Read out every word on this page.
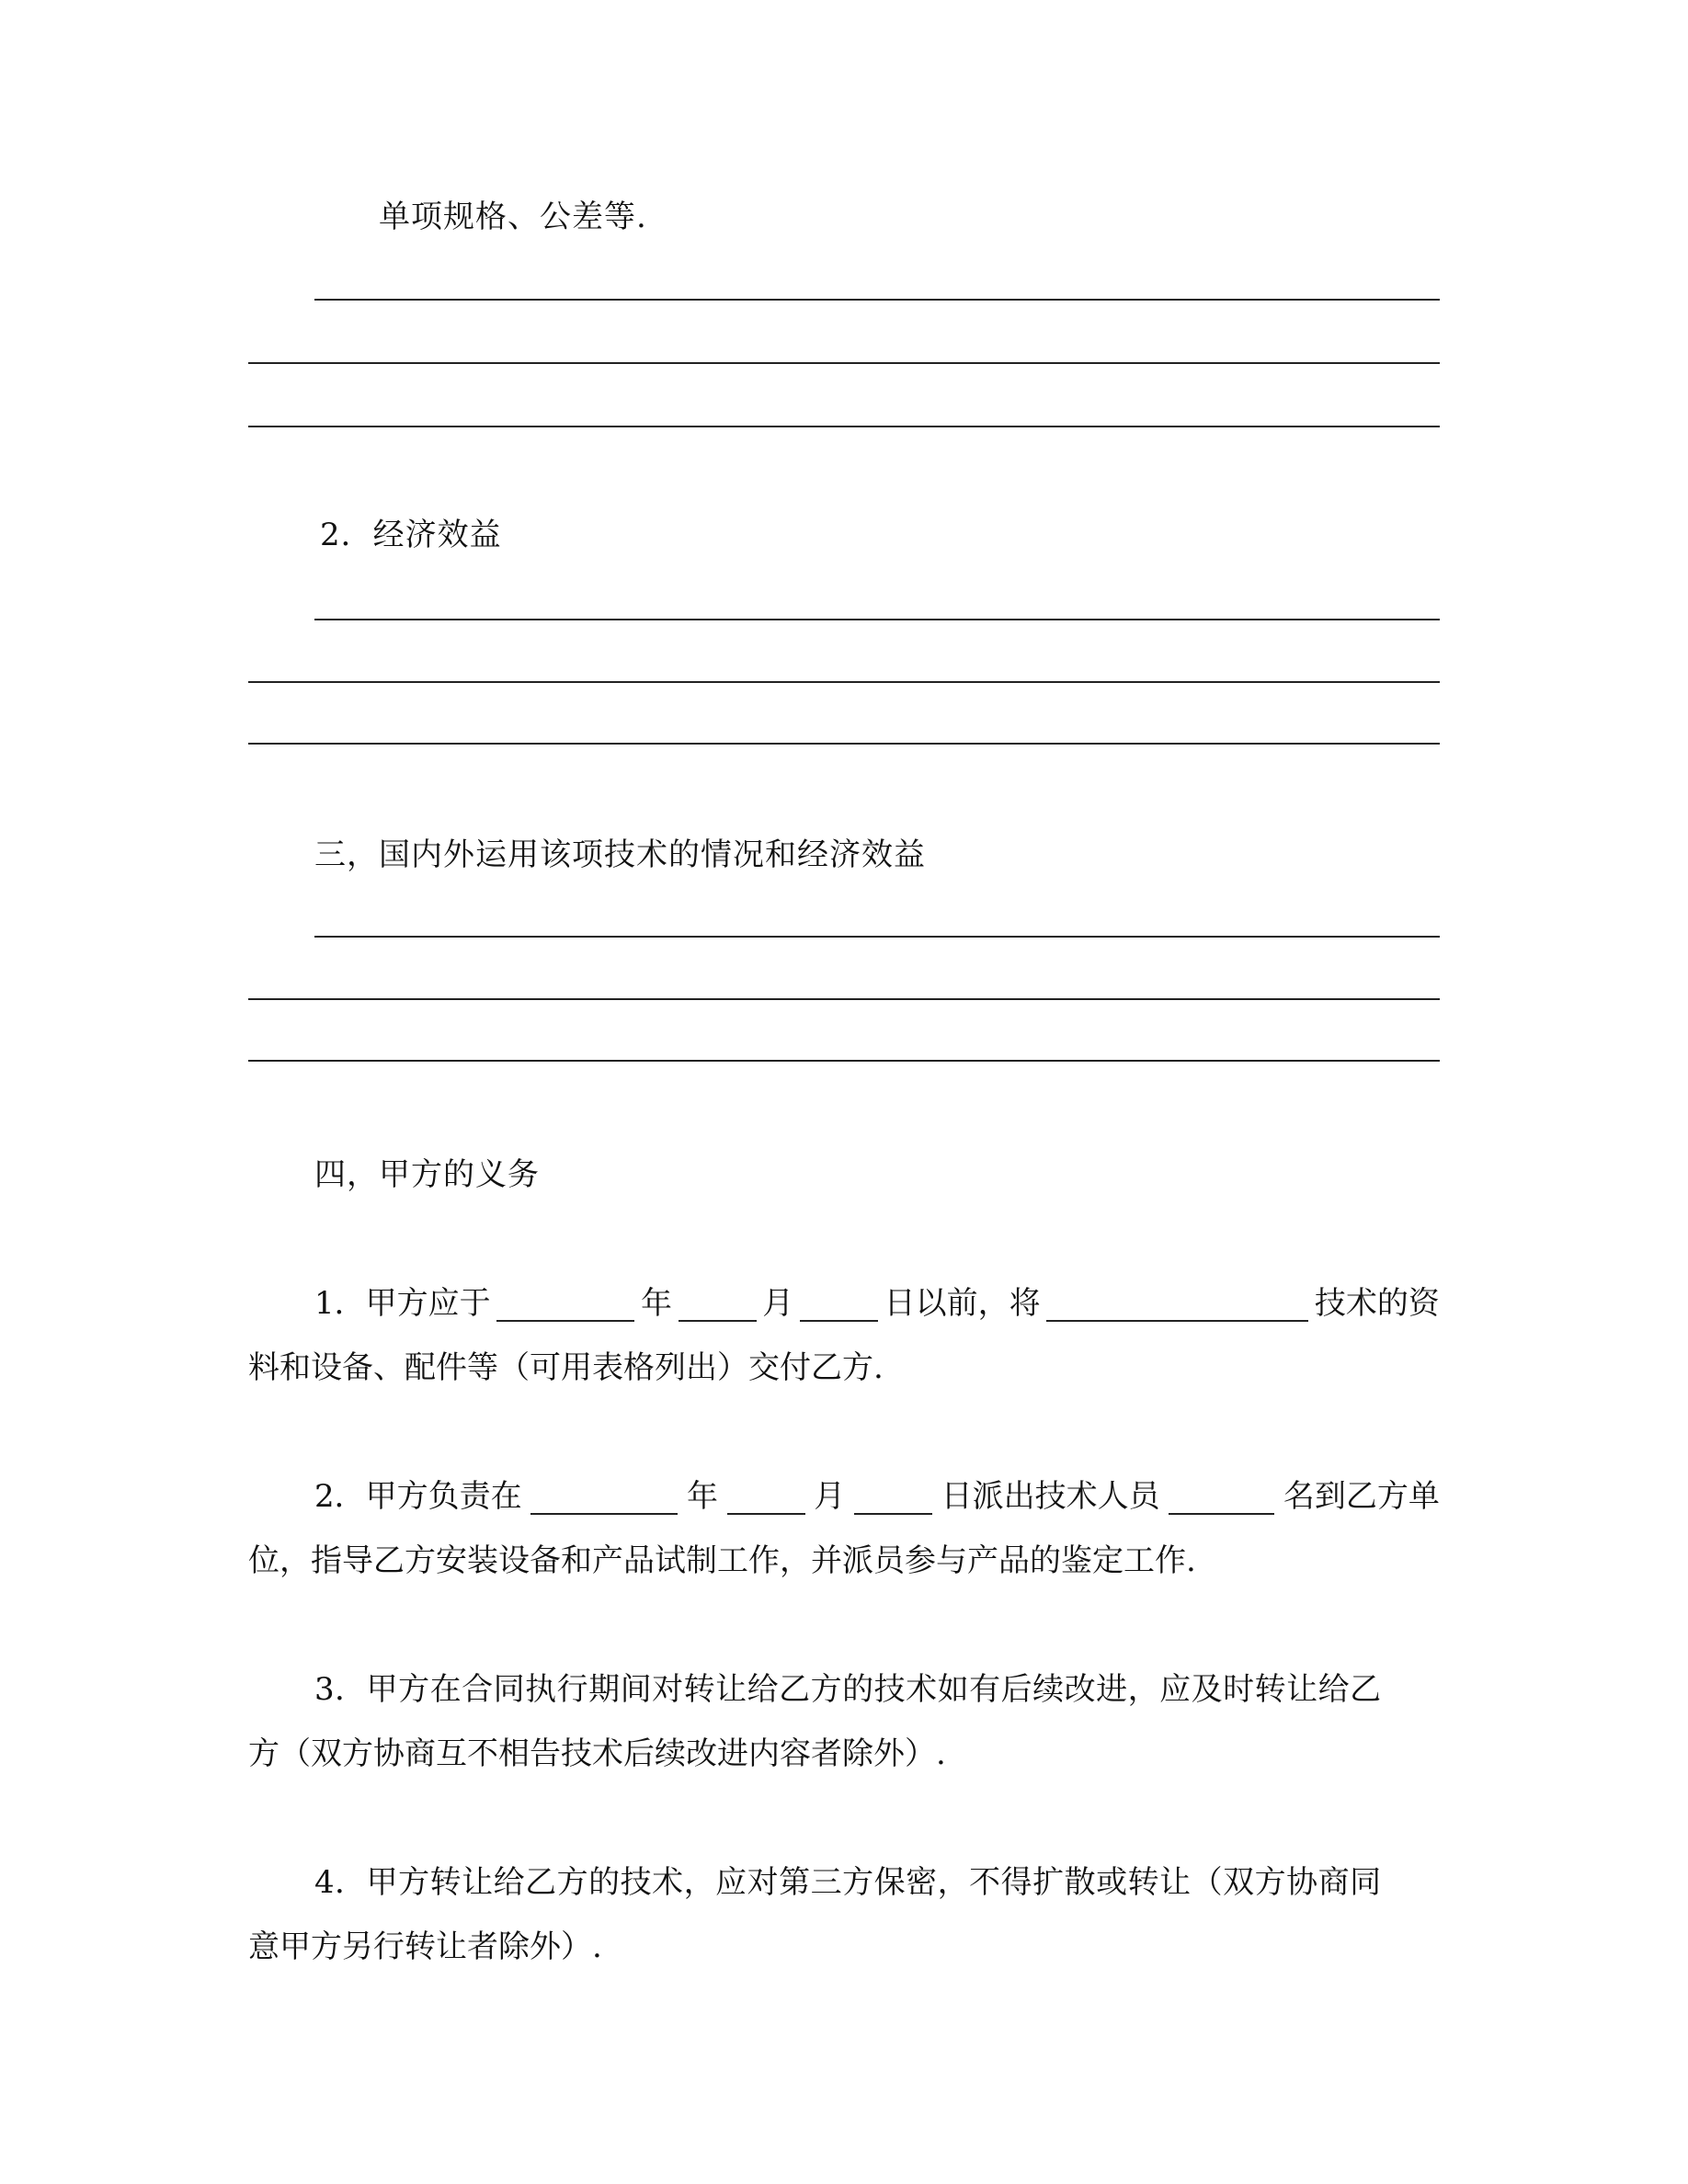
单项规格、公差等.
2．经济效益
三，国内外运用该项技术的情况和经济效益
四，甲方的义务
1．甲方应于	年	月	日以前，将	技术的资
料和设备、配件等（可用表格列出）交付乙方.
2．甲方负责在	年	月	日派出技术人员	名到乙方单
位，指导乙方安装设备和产品试制工作，并派员参与产品的鉴定工作.
3．甲方在合同执行期间对转让给乙方的技术如有后续改进，应及时转让给乙
方（双方协商互不相告技术后续改进内容者除外）.
4．甲方转让给乙方的技术，应对第三方保密，不得扩散或转让（双方协商同
意甲方另行转让者除外）.
